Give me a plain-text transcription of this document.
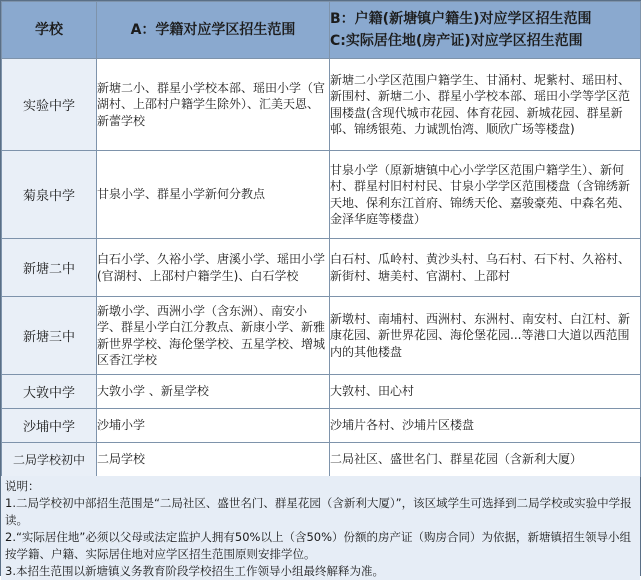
学校	A：学籍对应学区招生范围	B：户籍(新塘镇户籍生)对应学区招生范围
C:实际居住地(房产证)对应学区招生范围

实验中学	新塘二小、群星小学校本部、瑶田小学（官湖村、上邵村户籍学生除外）、汇美天恩、新蕾学校	新塘二小学区范围户籍学生、甘涌村、坭紫村、瑶田村、新围村、新塘二小、群星小学校本部、瑶田小学等学区范围楼盘(含现代城市花园、体育花园、新城花园、群星新邨、锦绣银苑、力诚凯怡湾、顺欣广场等楼盘)
菊泉中学	甘泉小学、群星小学新何分教点	甘泉小学（原新塘镇中心小学学区范围户籍学生）、新何村、群星村旧村村民、甘泉小学学区范围楼盘（含锦绣新天地、保利东江首府、锦绣天伦、嘉骏豪苑、中森名苑、金泽华庭等楼盘）
新塘二中	白石小学、久裕小学、唐溪小学、瑶田小学(官湖村、上邵村户籍学生)、白石学校	白石村、瓜岭村、黄沙头村、乌石村、石下村、久裕村、新街村、塘美村、官湖村、上邵村
新塘三中	新墩小学、西洲小学（含东洲）、南安小学、群星小学白江分教点、新康小学、新雅新世界学校、海伦堡学校、五星学校、增城区香江学校	新墩村、南埔村、西洲村、东洲村、南安村、白江村、新康花园、新世界花园、海伦堡花园...等港口大道以西范围内的其他楼盘
大敦中学	大敦小学 、新星学校	大敦村、田心村
沙埔中学	沙埔小学	沙埔片各村、沙埔片区楼盘
二局学校初中	二局学校	二局社区、盛世名门、群星花园（含新利大厦）

说明：

1.二局学校初中部招生范围是“二局社区、盛世名门、群星花园（含新利大厦）”，该区域学生可选择到二局学校或实验中学报读。

2.“实际居住地”必须以父母或法定监护人拥有50%以上（含50%）份额的房产证（购房合同）为依据，新塘镇招生领导小组按学籍、户籍、实际居住地对应学区招生范围原则安排学位。

3.本招生范围以新塘镇义务教育阶段学校招生工作领导小组最终解释为准。
